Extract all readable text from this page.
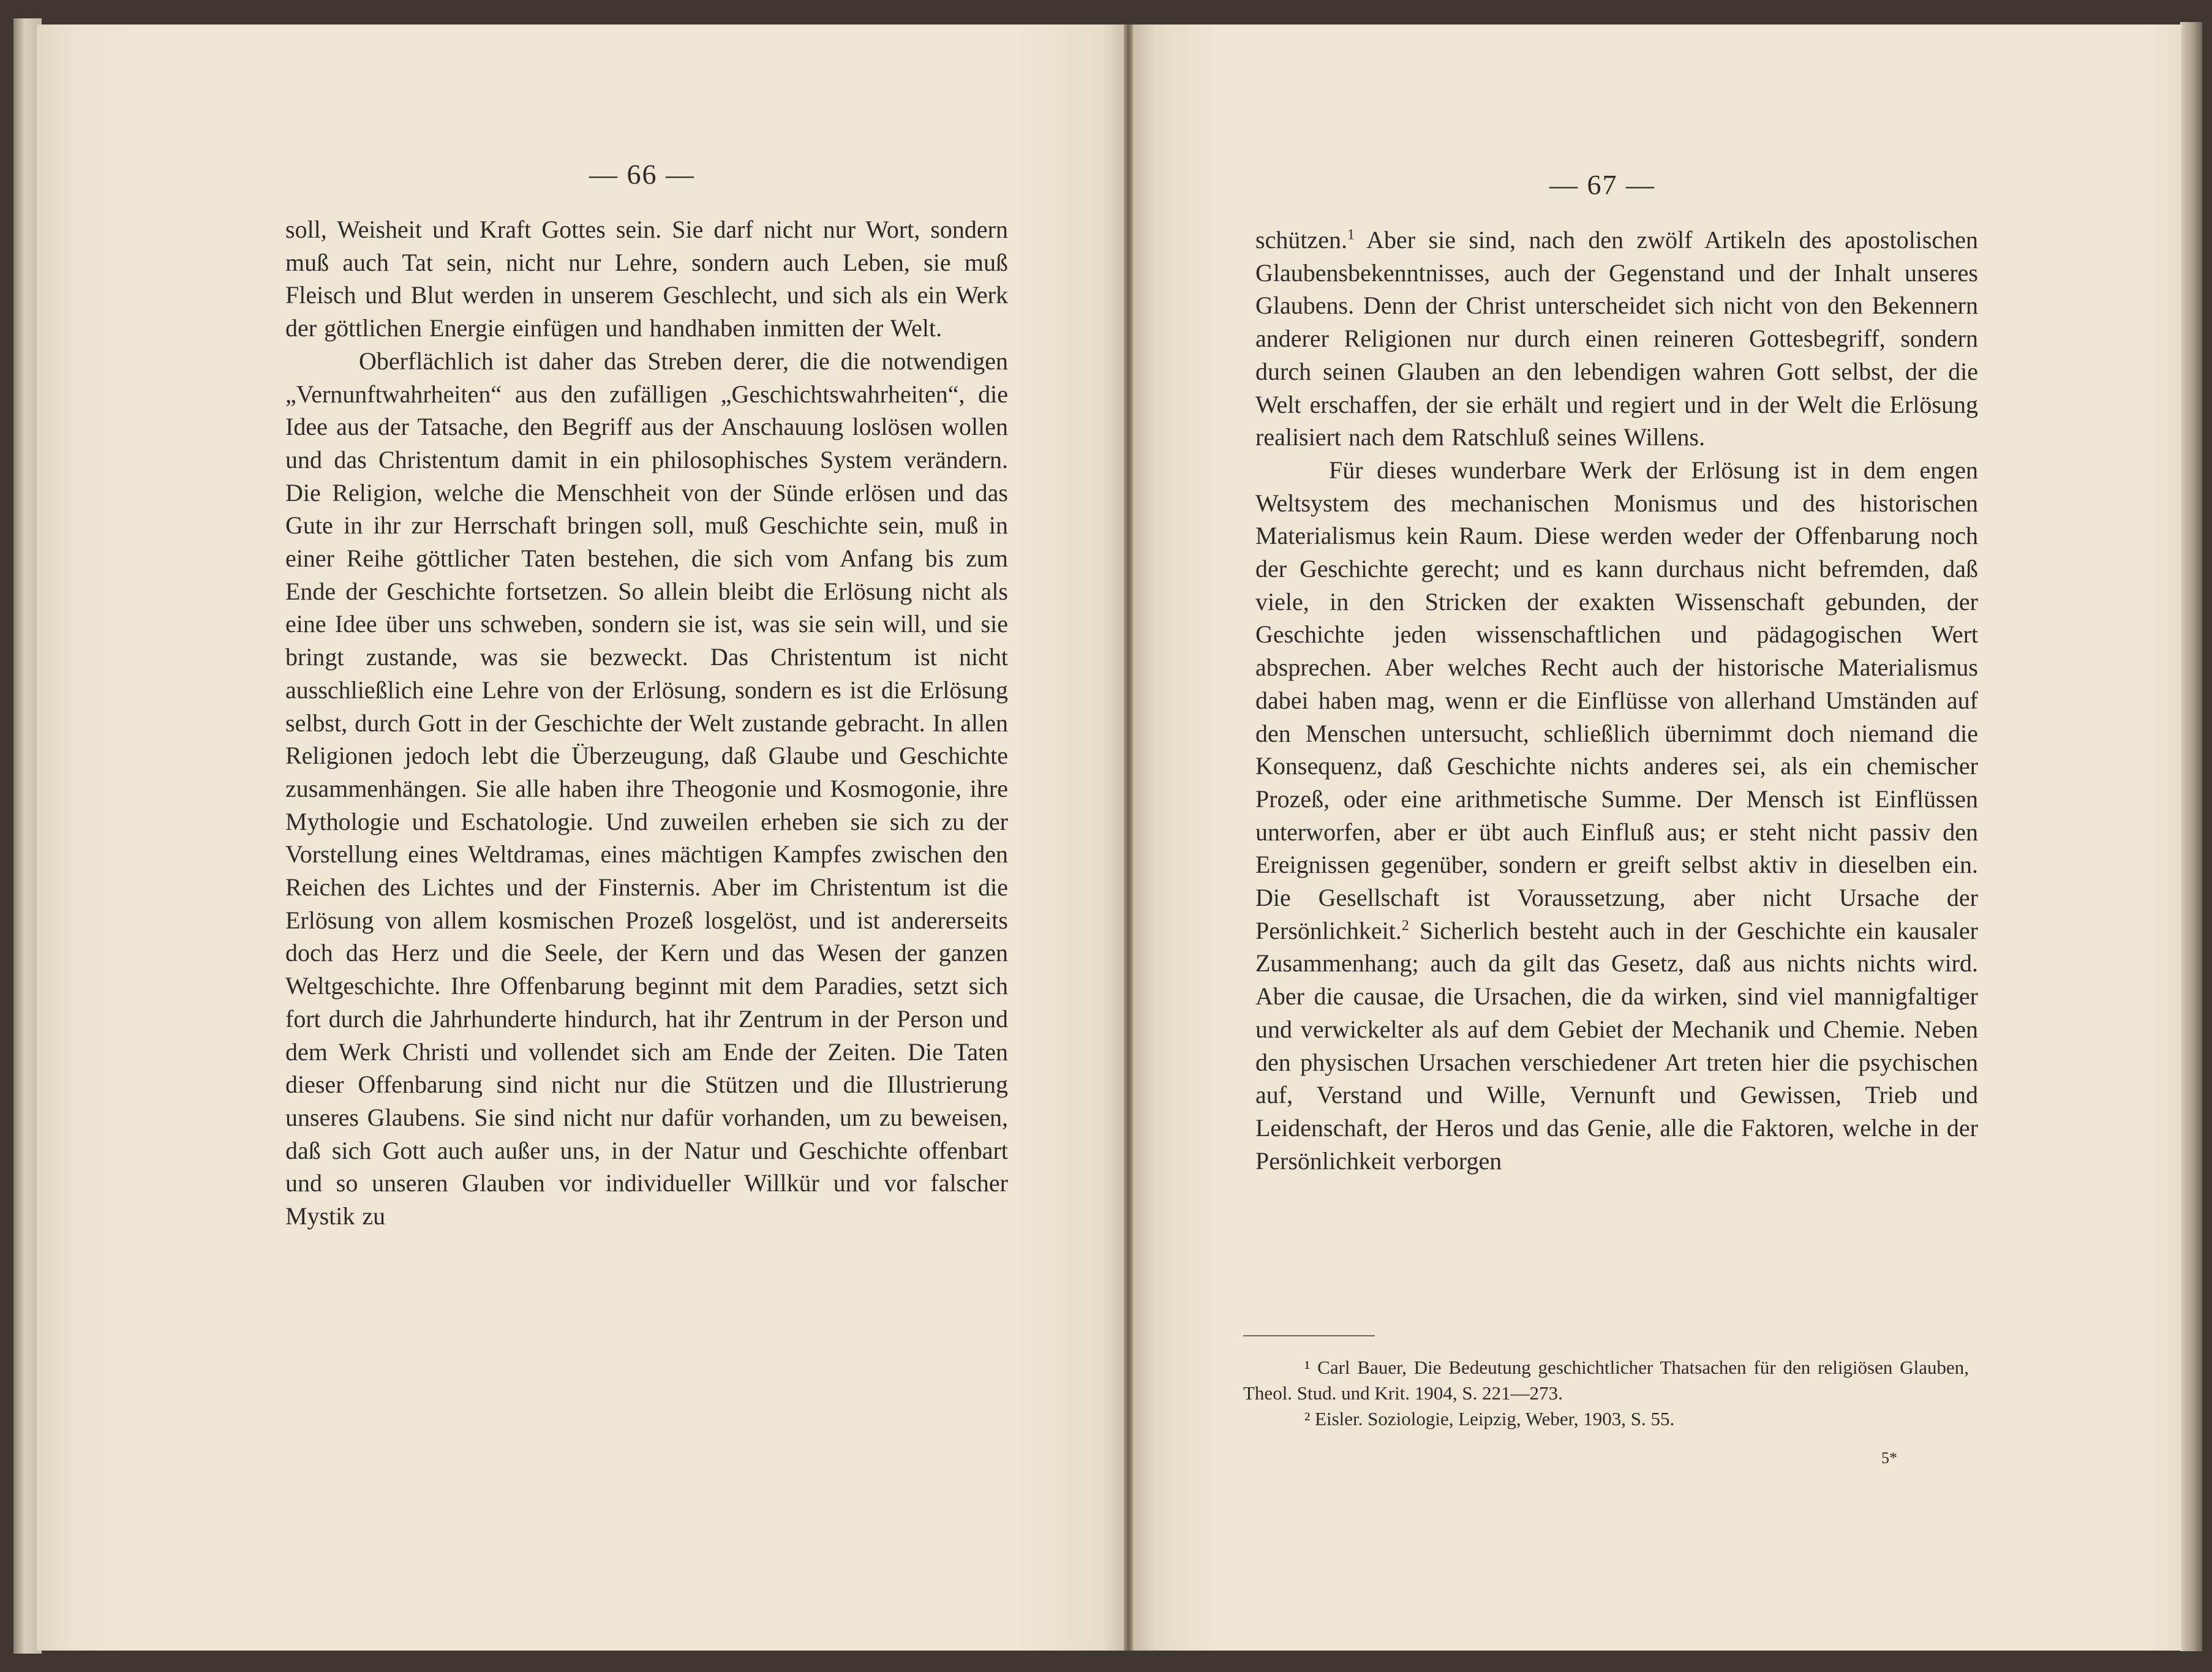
— 66 —

soll, Weisheit und Kraft Gottes sein. Sie darf nicht nur Wort, sondern muß auch Tat sein, nicht nur Lehre, sondern auch Leben, sie muß Fleisch und Blut werden in unserem Geschlecht, und sich als ein Werk der göttlichen Energie einfügen und handhaben inmitten der Welt.

Oberflächlich ist daher das Streben derer, die die notwendigen „Vernunftwahrheiten“ aus den zufälligen „Geschichtswahrheiten“, die Idee aus der Tatsache, den Begriff aus der Anschauung loslösen wollen und das Christentum damit in ein philosophisches System verändern. Die Religion, welche die Menschheit von der Sünde erlösen und das Gute in ihr zur Herrschaft bringen soll, muß Geschichte sein, muß in einer Reihe göttlicher Taten bestehen, die sich vom Anfang bis zum Ende der Geschichte fortsetzen. So allein bleibt die Erlösung nicht als eine Idee über uns schweben, sondern sie ist, was sie sein will, und sie bringt zustande, was sie bezweckt. Das Christentum ist nicht ausschließlich eine Lehre von der Erlösung, sondern es ist die Erlösung selbst, durch Gott in der Geschichte der Welt zustande gebracht. In allen Religionen jedoch lebt die Überzeugung, daß Glaube und Geschichte zusammenhängen. Sie alle haben ihre Theogonie und Kosmogonie, ihre Mythologie und Eschatologie. Und zuweilen erheben sie sich zu der Vorstellung eines Weltdramas, eines mächtigen Kampfes zwischen den Reichen des Lichtes und der Finsternis. Aber im Christentum ist die Erlösung von allem kosmischen Prozeß losgelöst, und ist andererseits doch das Herz und die Seele, der Kern und das Wesen der ganzen Weltgeschichte. Ihre Offenbarung beginnt mit dem Paradies, setzt sich fort durch die Jahrhunderte hindurch, hat ihr Zentrum in der Person und dem Werk Christi und vollendet sich am Ende der Zeiten. Die Taten dieser Offenbarung sind nicht nur die Stützen und die Illustrierung unseres Glaubens. Sie sind nicht nur dafür vorhanden, um zu beweisen, daß sich Gott auch außer uns, in der Natur und Geschichte offenbart und so unseren Glauben vor individueller Willkür und vor falscher Mystik zu

— 67 —

schützen.$^1$ Aber sie sind, nach den zwölf Artikeln des apostolischen Glaubensbekenntnisses, auch der Gegenstand und der Inhalt unseres Glaubens. Denn der Christ unterscheidet sich nicht von den Bekennern anderer Religionen nur durch einen reineren Gottesbegriff, sondern durch seinen Glauben an den lebendigen wahren Gott selbst, der die Welt erschaffen, der sie erhält und regiert und in der Welt die Erlösung realisiert nach dem Ratschluß seines Willens.

Für dieses wunderbare Werk der Erlösung ist in dem engen Weltsystem des mechanischen Monismus und des historischen Materialismus kein Raum. Diese werden weder der Offenbarung noch der Geschichte gerecht; und es kann durchaus nicht befremden, daß viele, in den Stricken der exakten Wissenschaft gebunden, der Geschichte jeden wissenschaftlichen und pädagogischen Wert absprechen. Aber welches Recht auch der historische Materialismus dabei haben mag, wenn er die Einflüsse von allerhand Umständen auf den Menschen untersucht, schließlich übernimmt doch niemand die Konsequenz, daß Geschichte nichts anderes sei, als ein chemischer Prozeß, oder eine arithmetische Summe. Der Mensch ist Einflüssen unterworfen, aber er übt auch Einfluß aus; er steht nicht passiv den Ereignissen gegenüber, sondern er greift selbst aktiv in dieselben ein. Die Gesellschaft ist Voraussetzung, aber nicht Ursache der Persönlichkeit.$^2$ Sicherlich besteht auch in der Geschichte ein kausaler Zusammenhang; auch da gilt das Gesetz, daß aus nichts nichts wird. Aber die causae, die Ursachen, die da wirken, sind viel mannigfaltiger und verwickelter als auf dem Gebiet der Mechanik und Chemie. Neben den physischen Ursachen verschiedener Art treten hier die psychischen auf, Verstand und Wille, Vernunft und Gewissen, Trieb und Leidenschaft, der Heros und das Genie, alle die Faktoren, welche in der Persönlichkeit verborgen

¹ Carl Bauer, Die Bedeutung geschichtlicher Thatsachen für den religiösen Glauben, Theol. Stud. und Krit. 1904, S. 221—273.

² Eisler. Soziologie, Leipzig, Weber, 1903, S. 55.

5*
